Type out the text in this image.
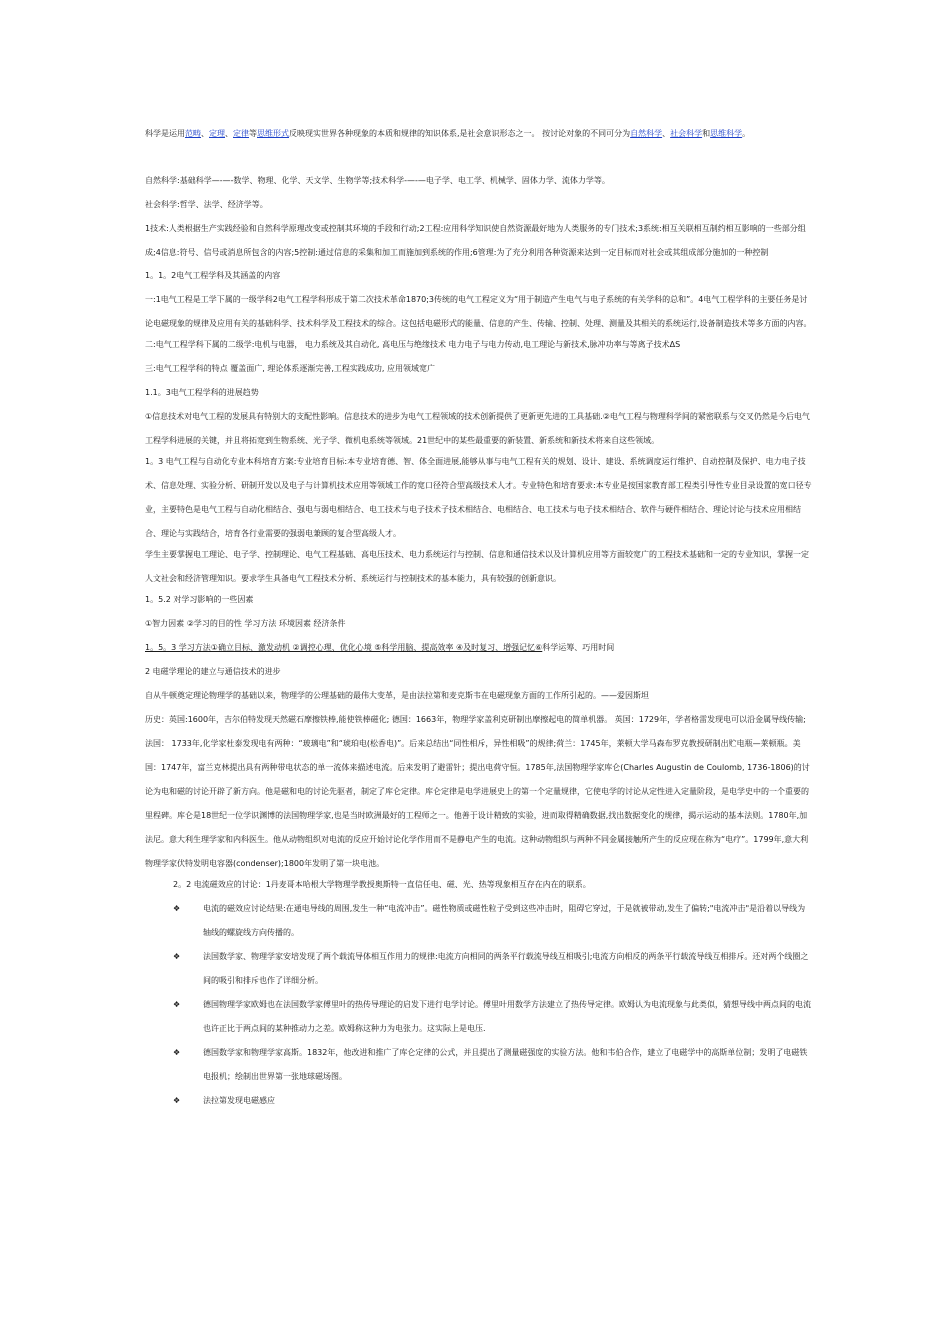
科学是运用范畴、定理、定律等思维形式反映现实世界各种现象的本质和规律的知识体系,是社会意识形态之一。 按讨论对象的不同可分为自然科学、社会科学和思维科学。

自然科学:基础科学—-—-数学、物理、化学、天文学、生物学等;技术科学-—-—电子学、电工学、机械学、固体力学、流体力学等。

社会科学:哲学、法学、经济学等。

1技术:人类根据生产实践经验和自然科学原理改变或控制其环境的手段和行动;2工程:应用科学知识使自然资源最好地为人类服务的专门技术;3系统:相互关联相互制约相互影响的一些部分组成;4信息:符号、信号或消息所包含的内容;5控制:通过信息的采集和加工而施加到系统的作用;6管理:为了充分利用各种资源来达到一定目标而对社会或其组成部分施加的一种控制

1。1。2电气工程学科及其涵盖的内容

一:1电气工程是工学下属的一级学科2电气工程学科形成于第二次技术革命1870;3传统的电气工程定义为“用于制造产生电气与电子系统的有关学科的总和”。4电气工程学科的主要任务是讨论电磁现象的规律及应用有关的基础科学、技术科学及工程技术的综合。这包括电磁形式的能量、信息的产生、传输、控制、处理、测量及其相关的系统运行,设备制造技术等多方面的内容。

二:电气工程学科下属的二级学:电机与电器， 电力系统及其自动化, 高电压与绝缘技术 电力电子与电力传动,电工理论与新技术,脉冲功率与等离子技术ΔS

三:电气工程学科的特点 覆盖面广, 理论体系逐渐完善,工程实践成功, 应用领域宽广

1.1。3电气工程学科的进展趋势

①信息技术对电气工程的发展具有特别大的支配性影响。信息技术的进步为电气工程领域的技术创新提供了更新更先进的工具基础.②电气工程与物理科学间的紧密联系与交叉仍然是今后电气工程学科进展的关键，并且将拓宽到生物系统、光子学、微机电系统等领域。21世纪中的某些最重要的新装置、新系统和新技术将来自这些领域。

1。3 电气工程与自动化专业本科培育方案:专业培育目标:本专业培育德、智、体全面进展,能够从事与电气工程有关的规划、设计、建设、系统调度运行维护、自动控制及保护、电力电子技术、信息处理、实验分析、研制开发以及电子与计算机技术应用等领域工作的宽口径符合型高级技术人才。专业特色和培育要求:本专业是按国家教育部工程类引导性专业目录设置的宽口径专业，主要特色是电气工程与自动化相结合、强电与弱电相结合、电工技术与电子技术子技术相结合、电相结合、电工技术与电子技术相结合、软件与硬件相结合、理论讨论与技术应用相结合、理论与实践结合，培育各行业需要的强弱电兼顾的复合型高级人才。

学生主要掌握电工理论、电子学、控制理论、电气工程基础、高电压技术、电力系统运行与控制、信息和通信技术以及计算机应用等方面较宽广的工程技术基础和一定的专业知识，掌握一定人文社会和经济管理知识。要求学生具备电气工程技术分析、系统运行与控制技术的基本能力，具有较强的创新意识。

1。5.2 对学习影响的一些因素

①智力因素 ②学习的目的性 学习方法 环境因素 经济条件

1。5。3 学习方法①确立目标、激发动机 ②调控心理、优化心境 ⑤科学用脑、提高效率 ④及时复习、增强记忆⑥科学运筹、巧用时间

2 电磁学理论的建立与通信技术的进步

自从牛顿奠定理论物理学的基础以来，物理学的公理基础的最伟大变革，是由法拉第和麦克斯韦在电磁现象方面的工作所引起的。——爱因斯坦

历史：英国:1600年，吉尔伯特发现天然磁石摩擦铁棒,能使铁棒磁化; 德国：1663年，物理学家盖利克研制出摩擦起电的简单机器。 英国：1729年，学者格雷发现电可以沿金属导线传输;法国： 1733年,化学家杜泰发现电有两种：“玻璃电”和“琥珀电(松香电)”。后来总结出“同性相斥，异性相吸”的规律;荷兰：1745年，莱顿大学马森布罗克教授研制出贮电瓶—莱顿瓶。美国：1747年，富兰克林提出具有两种带电状态的单一流体来描述电流。后来发明了避雷针；提出电荷守恒。1785年,法国物理学家库仑(Charles Augustin de Coulomb, 1736-1806)的讨论为电和磁的讨论开辟了新方向。他是磁和电的讨论先驱者，制定了库仑定律。库仑定律是电学进展史上的第一个定量规律，它使电学的讨论从定性进入定量阶段，是电学史中的一个重要的里程碑。库仑是18世纪一位学识渊博的法国物理学家,也是当时欧洲最好的工程师之一。他善于设计精致的实验，进而取得精确数据,找出数据变化的规律，揭示运动的基本法则。1780年,加法尼。意大利生理学家和内科医生。他从动物组织对电流的反应开始讨论化学作用而不是静电产生的电流。这种动物组织与两种不同金属接触所产生的反应现在称为“电疗”。1799年,意大利物理学家伏特发明电容器(condenser);1800年发明了第一块电池。

2。2 电流磁效应的讨论：1丹麦哥本哈根大学物理学教授奥斯特一直信任电、磁、光、热等现象相互存在内在的联系。

❖	电流的磁效应讨论结果:在通电导线的周围,发生一种“电流冲击”。磁性物质或磁性粒子受到这些冲击时，阻碍它穿过，于是就被带动,发生了偏转;"电流冲击"是沿着以导线为轴线的螺旋线方向传播的。
❖	法国数学家、物理学家安培发现了两个载流导体相互作用力的规律:电流方向相同的两条平行载流导线互相吸引;电流方向相反的两条平行载流导线互相排斥。还对两个线圈之间的吸引和排斥也作了详细分析。
❖	德国物理学家欧姆也在法国数学家傅里叶的热传导理论的启发下进行电学讨论。傅里叶用数学方法建立了热传导定律。欧姆认为电流现象与此类似，猜想导线中两点间的电流也许正比于两点间的某种推动力之差。欧姆称这种力为电张力。这实际上是电压.
❖	德国数学家和物理学家高斯。1832年，他改进和推广了库仑定律的公式，并且提出了测量磁强度的实验方法。他和韦伯合作，建立了电磁学中的高斯单位制；发明了电磁铁电报机；绘制出世界第一张地球磁场图。
❖	法拉第发现电磁感应
